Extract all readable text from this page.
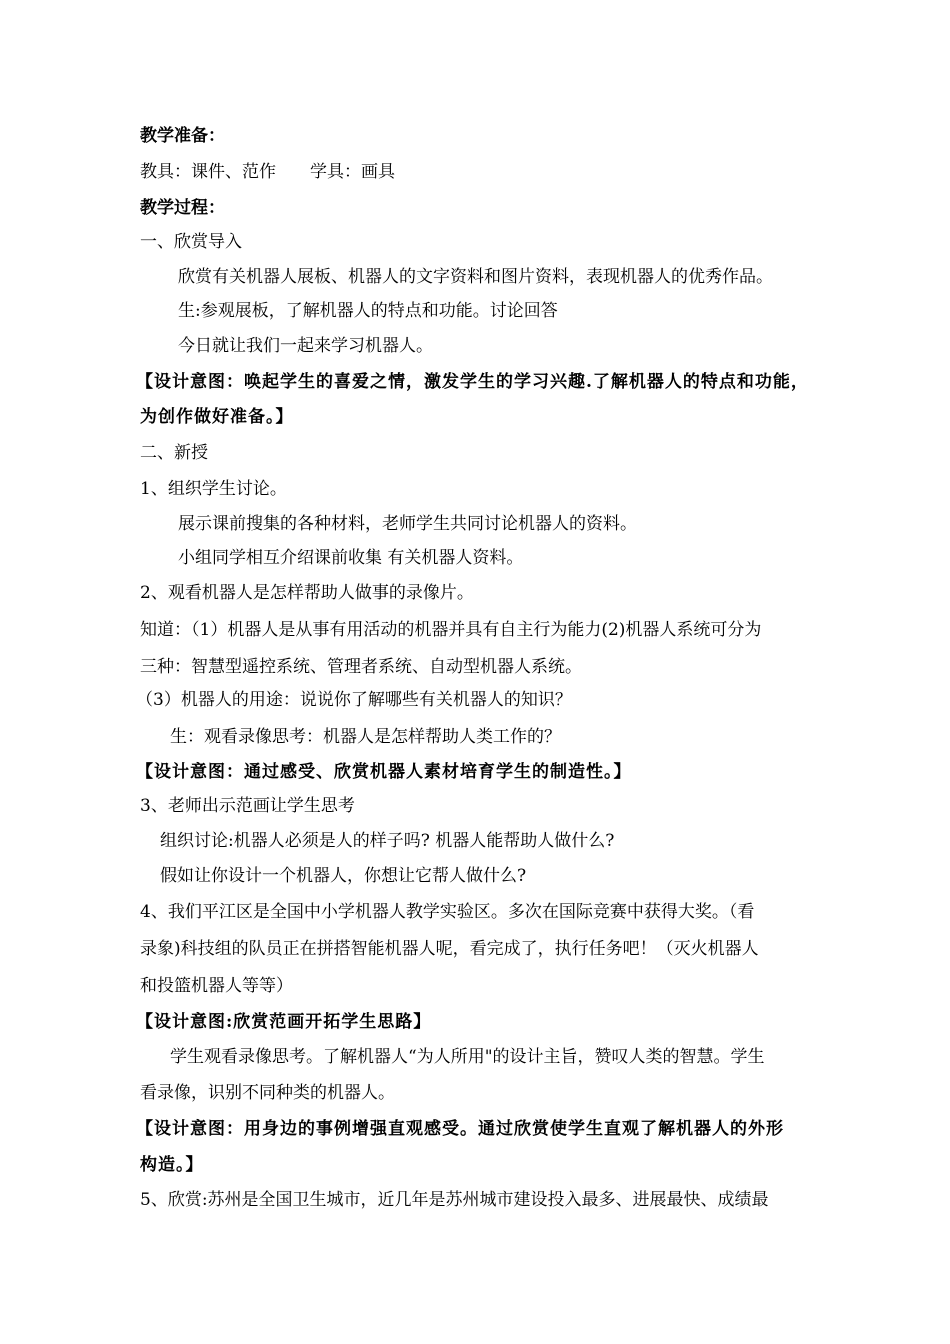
教学准备：
教具：课件、范作　　学具：画具
教学过程：
一、欣赏导入
欣赏有关机器人展板、机器人的文字资料和图片资料，表现机器人的优秀作品。
生:参观展板，了解机器人的特点和功能。讨论回答
今日就让我们一起来学习机器人。
【设计意图：唤起学生的喜爱之情，激发学生的学习兴趣.了解机器人的特点和功能，
为创作做好准备。】
二、新授
1、组织学生讨论。
展示课前搜集的各种材料，老师学生共同讨论机器人的资料。
小组同学相互介绍课前收集 有关机器人资料。
2、观看机器人是怎样帮助人做事的录像片。
知道：（1）机器人是从事有用活动的机器并具有自主行为能力(2)机器人系统可分为
三种：智慧型遥控系统、管理者系统、自动型机器人系统。
（3）机器人的用途：说说你了解哪些有关机器人的知识？
生：观看录像思考：机器人是怎样帮助人类工作的？
【设计意图：通过感受、欣赏机器人素材培育学生的制造性。】
3、老师出示范画让学生思考
组织讨论:机器人必须是人的样子吗? 机器人能帮助人做什么?
假如让你设计一个机器人，你想让它帮人做什么?
4、我们平江区是全国中小学机器人教学实验区。多次在国际竞赛中获得大奖。（看
录象)科技组的队员正在拼搭智能机器人呢，看完成了，执行任务吧！（灭火机器人
和投篮机器人等等）
【设计意图:欣赏范画开拓学生思路】
学生观看录像思考。了解机器人“为人所用"的设计主旨，赞叹人类的智慧。学生
看录像，识别不同种类的机器人。
【设计意图：用身边的事例增强直观感受。通过欣赏使学生直观了解机器人的外形
构造。】
5、欣赏:苏州是全国卫生城市，近几年是苏州城市建设投入最多、进展最快、成绩最
